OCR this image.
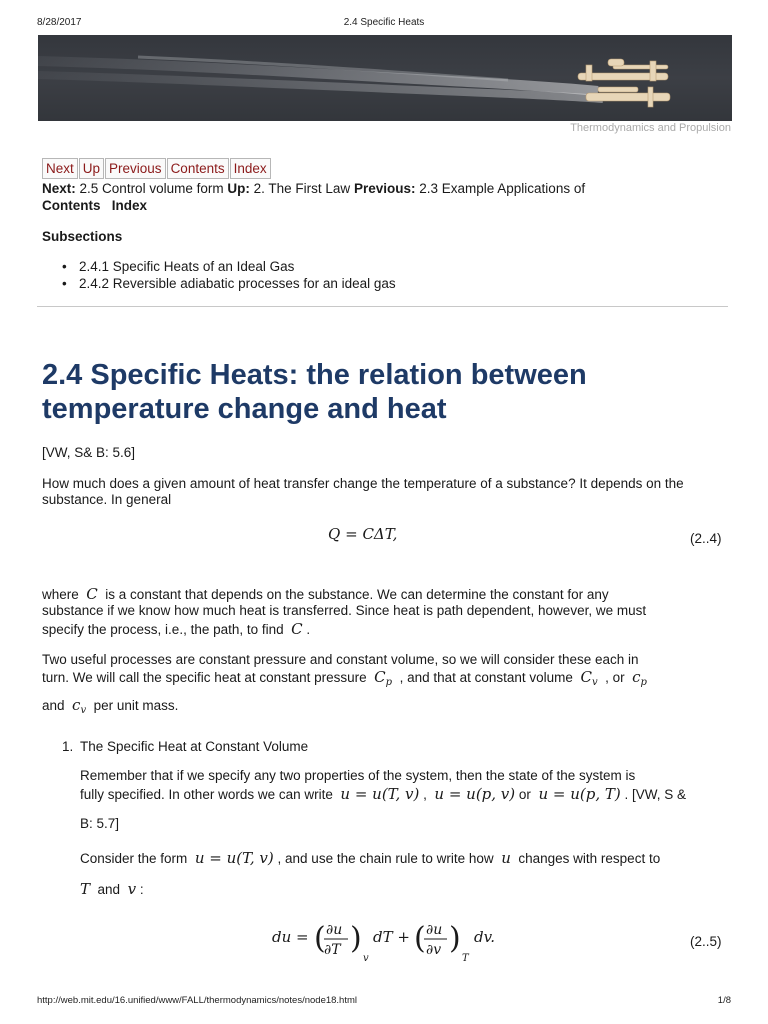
8/28/2017	2.4 Specific Heats
Thermodynamics and Propulsion
Next Up Previous Contents Index
Next: 2.5 Control volume form Up: 2. The First Law Previous: 2.3 Example Applications of
Contents Index
Subsections
• 2.4.1 Specific Heats of an Ideal Gas
• 2.4.2 Reversible adiabatic processes for an ideal gas
2.4 Specific Heats: the relation between temperature change and heat

[VW, S& B: 5.6]

How much does a given amount of heat transfer change the temperature of a substance? It depends on the substance. In general

Q = CΔT,	(2..4)

where C is a constant that depends on the substance. We can determine the constant for any

substance if we know how much heat is transferred. Since heat is path dependent, however, we must

specify the process, i.e., the path, to find C .

Two useful processes are constant pressure and constant volume, so we will consider these each in

turn. We will call the specific heat at constant pressure $C_p$ , and that at constant volume $C_v$ , or $c_p$

and $c_v$ per unit mass.

1. The Specific Heat at Constant Volume

Remember that if we specify any two properties of the system, then the state of the system is

fully specified. In other words we can write u = u(T, v) , u = u(p, v) or u = u(p, T) . [VW, S &

B: 5.7]

Consider the form u = u(T, v) , and use the chain rule to write how u changes with respect to

T and v :

du = ( ∂u
∂T )
v
dT + ( ∂u
∂v )
T
dv.	(2..5)
http://web.mit.edu/16.unified/www/FALL/thermodynamics/notes/node18.html	1/8
